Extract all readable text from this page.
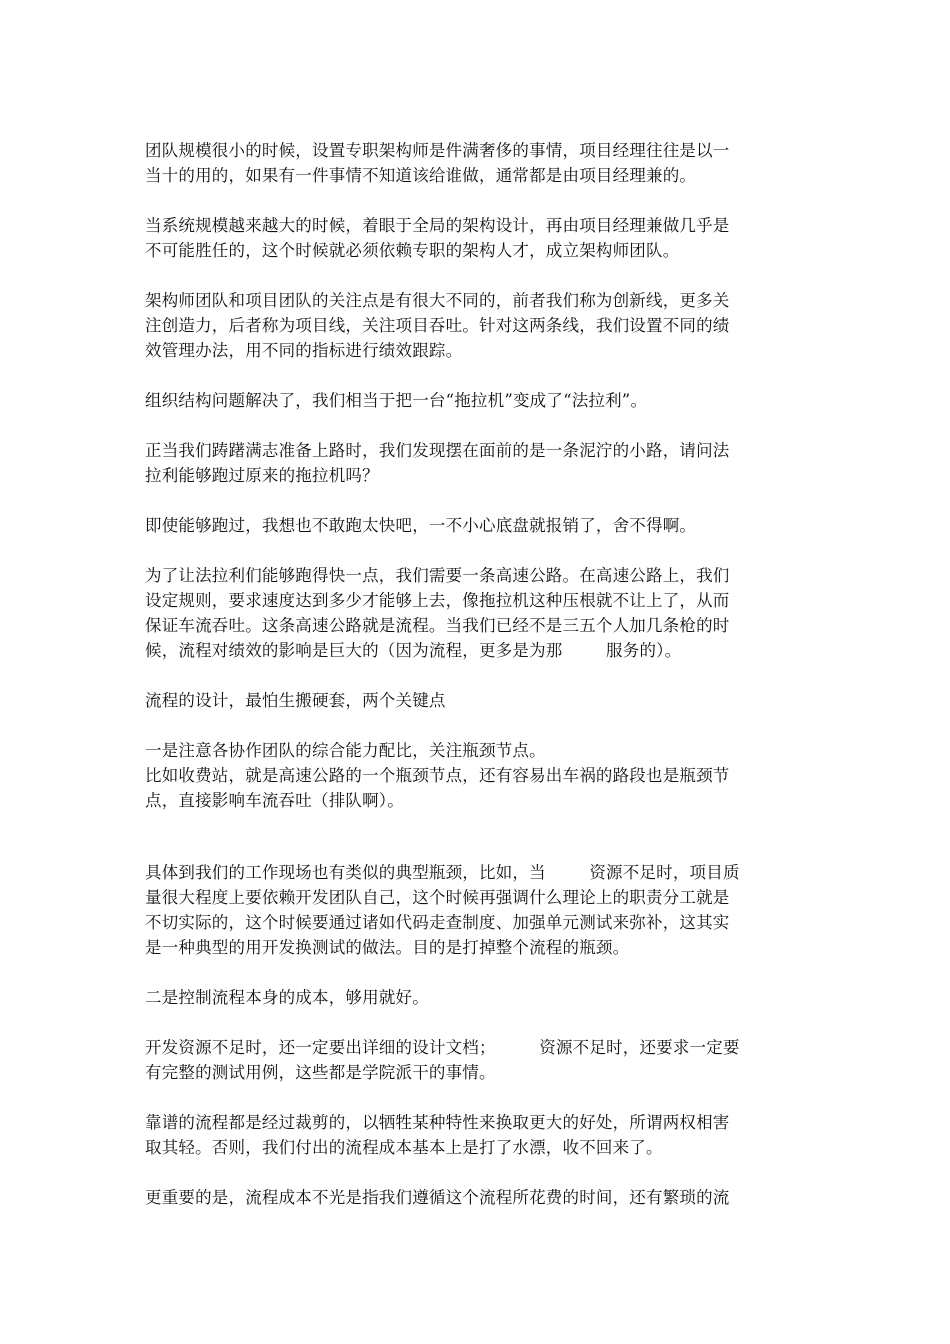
团队规模很小的时候，设置专职架构师是件满奢侈的事情，项目经理往往是以一
当十的用的，如果有一件事情不知道该给谁做，通常都是由项目经理兼的。
当系统规模越来越大的时候，着眼于全局的架构设计，再由项目经理兼做几乎是
不可能胜任的，这个时候就必须依赖专职的架构人才，成立架构师团队。
架构师团队和项目团队的关注点是有很大不同的，前者我们称为创新线，更多关
注创造力，后者称为项目线，关注项目吞吐。针对这两条线，我们设置不同的绩
效管理办法，用不同的指标进行绩效跟踪。
组织结构问题解决了，我们相当于把一台“拖拉机”变成了“法拉利”。
正当我们踌躇满志准备上路时，我们发现摆在面前的是一条泥泞的小路，请问法
拉利能够跑过原来的拖拉机吗？
即使能够跑过，我想也不敢跑太快吧，一不小心底盘就报销了，舍不得啊。
为了让法拉利们能够跑得快一点，我们需要一条高速公路。在高速公路上，我们
设定规则，要求速度达到多少才能够上去，像拖拉机这种压根就不让上了，从而
保证车流吞吐。这条高速公路就是流程。当我们已经不是三五个人加几条枪的时
候，流程对绩效的影响是巨大的（因为流程，更多是为那        服务的）。
流程的设计，最怕生搬硬套，两个关键点
一是注意各协作团队的综合能力配比，关注瓶颈节点。
比如收费站，就是高速公路的一个瓶颈节点，还有容易出车祸的路段也是瓶颈节
点，直接影响车流吞吐（排队啊）。
具体到我们的工作现场也有类似的典型瓶颈，比如，当        资源不足时，项目质
量很大程度上要依赖开发团队自己，这个时候再强调什么理论上的职责分工就是
不切实际的，这个时候要通过诸如代码走查制度、加强单元测试来弥补，这其实
是一种典型的用开发换测试的做法。目的是打掉整个流程的瓶颈。
二是控制流程本身的成本，够用就好。
开发资源不足时，还一定要出详细的设计文档；        资源不足时，还要求一定要
有完整的测试用例，这些都是学院派干的事情。
靠谱的流程都是经过裁剪的，以牺牲某种特性来换取更大的好处，所谓两权相害
取其轻。否则，我们付出的流程成本基本上是打了水漂，收不回来了。
更重要的是，流程成本不光是指我们遵循这个流程所花费的时间，还有繁琐的流
